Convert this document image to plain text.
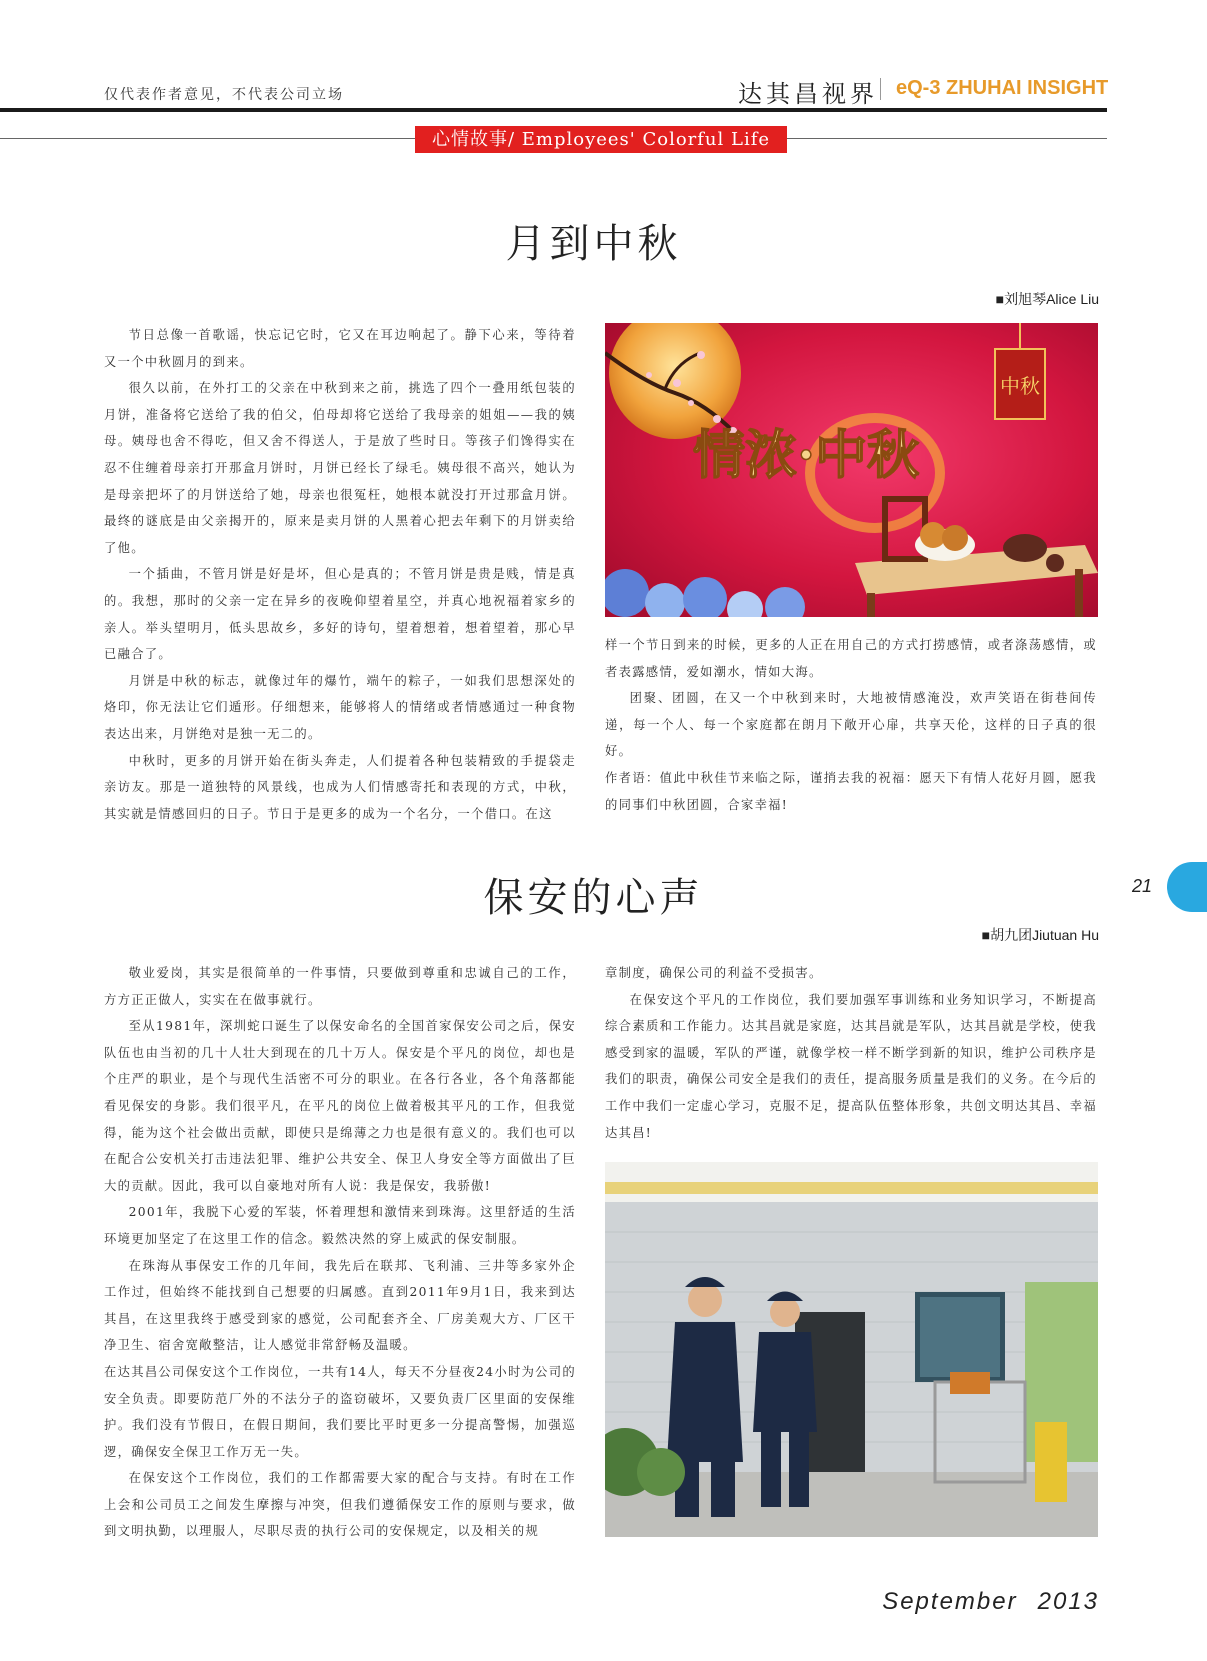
仅代表作者意见，不代表公司立场	达其昌视界 eQ-3 ZHUHAI INSIGHT
心情故事/ Employees' Colorful Life
月到中秋
■刘旭琴Alice Liu

节日总像一首歌谣，快忘记它时，它又在耳边响起了。静下心来，等待着又一个中秋圆月的到来。

很久以前，在外打工的父亲在中秋到来之前，挑选了四个一叠用纸包装的月饼，准备将它送给了我的伯父，伯母却将它送给了我母亲的姐姐——我的姨母。姨母也舍不得吃，但又舍不得送人，于是放了些时日。等孩子们馋得实在忍不住缠着母亲打开那盒月饼时，月饼已经长了绿毛。姨母很不高兴，她认为是母亲把坏了的月饼送给了她，母亲也很冤枉，她根本就没打开过那盒月饼。最终的谜底是由父亲揭开的，原来是卖月饼的人黑着心把去年剩下的月饼卖给了他。

一个插曲，不管月饼是好是坏，但心是真的；不管月饼是贵是贱，情是真的。我想，那时的父亲一定在异乡的夜晚仰望着星空，并真心地祝福着家乡的亲人。举头望明月，低头思故乡，多好的诗句，望着想着，想着望着，那心早已融合了。

月饼是中秋的标志，就像过年的爆竹，端午的粽子，一如我们思想深处的烙印，你无法让它们遁形。仔细想来，能够将人的情绪或者情感通过一种食物表达出来，月饼绝对是独一无二的。

中秋时，更多的月饼开始在街头奔走，人们提着各种包装精致的手提袋走亲访友。那是一道独特的风景线，也成为人们情感寄托和表现的方式，中秋，其实就是情感回归的日子。节日于是更多的成为一个名分，一个借口。在这

情浓·中秋
中秋

样一个节日到来的时候，更多的人正在用自己的方式打捞感情，或者涤荡感情，或者表露感情，爱如潮水，情如大海。

团聚、团圆，在又一个中秋到来时，大地被情感淹没，欢声笑语在街巷间传递，每一个人、每一个家庭都在朗月下敞开心扉，共享天伦，这样的日子真的很好。

作者语：值此中秋佳节来临之际，谨捎去我的祝福：愿天下有情人花好月圆，愿我的同事们中秋团圆，合家幸福!

21
保安的心声
■胡九团Jiutuan Hu

敬业爱岗，其实是很简单的一件事情，只要做到尊重和忠诚自己的工作，方方正正做人，实实在在做事就行。

至从1981年，深圳蛇口诞生了以保安命名的全国首家保安公司之后，保安队伍也由当初的几十人壮大到现在的几十万人。保安是个平凡的岗位，却也是个庄严的职业，是个与现代生活密不可分的职业。在各行各业，各个角落都能看见保安的身影。我们很平凡，在平凡的岗位上做着极其平凡的工作，但我觉得，能为这个社会做出贡献，即使只是绵薄之力也是很有意义的。我们也可以在配合公安机关打击违法犯罪、维护公共安全、保卫人身安全等方面做出了巨大的贡献。因此，我可以自豪地对所有人说：我是保安，我骄傲!

2001年，我脱下心爱的军装，怀着理想和激情来到珠海。这里舒适的生活环境更加坚定了在这里工作的信念。毅然决然的穿上威武的保安制服。

在珠海从事保安工作的几年间，我先后在联邦、飞利浦、三井等多家外企工作过，但始终不能找到自己想要的归属感。直到2011年9月1日，我来到达其昌，在这里我终于感受到家的感觉，公司配套齐全、厂房美观大方、厂区干净卫生、宿舍宽敞整洁，让人感觉非常舒畅及温暖。

在达其昌公司保安这个工作岗位，一共有14人，每天不分昼夜24小时为公司的安全负责。即要防范厂外的不法分子的盗窃破坏，又要负责厂区里面的安保维护。我们没有节假日，在假日期间，我们要比平时更多一分提高警惕，加强巡逻，确保安全保卫工作万无一失。

在保安这个工作岗位，我们的工作都需要大家的配合与支持。有时在工作上会和公司员工之间发生摩擦与冲突，但我们遵循保安工作的原则与要求，做到文明执勤，以理服人，尽职尽责的执行公司的安保规定，以及相关的规

章制度，确保公司的利益不受损害。

在保安这个平凡的工作岗位，我们要加强军事训练和业务知识学习，不断提高综合素质和工作能力。达其昌就是家庭，达其昌就是军队，达其昌就是学校，使我感受到家的温暖，军队的严谨，就像学校一样不断学到新的知识，维护公司秩序是我们的职责，确保公司安全是我们的责任，提高服务质量是我们的义务。在今后的工作中我们一定虚心学习，克服不足，提高队伍整体形象，共创文明达其昌、幸福达其昌!

September 2013
